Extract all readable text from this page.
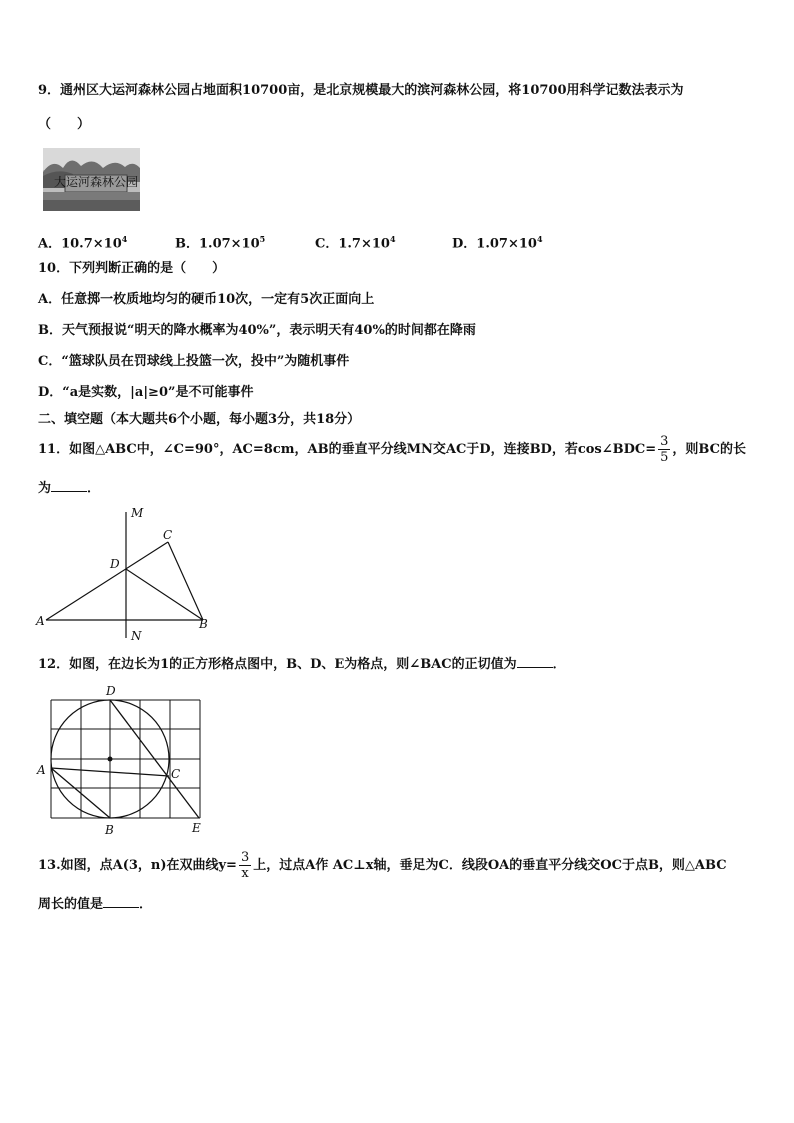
9．通州区大运河森林公园占地面积10700亩，是北京规模最大的滨河森林公园，将10700用科学记数法表示为
（　　）
大运河森林公园
A．$10.7\times 10^4$	B．$1.07\times 10^5$	C．$1.7\times 10^4$	D．$1.07\times 10^4$
10．下列判断正确的是（　　）
A．任意掷一枚质地均匀的硬币10次，一定有5次正面向上
B．天气预报说“明天的降水概率为40%”，表示明天有40%的时间都在降雨
C．“篮球队员在罚球线上投篮一次，投中”为随机事件
D．“a是实数，|a|≥0”是不可能事件
二、填空题（本大题共6个小题，每小题3分，共18分）
11．如图△ABC中，∠C=90°，AC=8cm，AB的垂直平分线MN交AC于D，连接BD，若cos∠BDC= $\frac{3}{5}$ ，则BC的长
为	．
M
N
D
C
A	B
12．如图，在边长为1的正方形格点图中，B、D、E为格点，则∠BAC的正切值为	．
D
A	C
B	E
13.如图，点A(3，n)在双曲线$y= \frac{3}{x}$ 上，过点A作 AC⊥x轴，垂足为C．线段OA的垂直平分线交OC于点B，则△ABC
周长的值是	．
